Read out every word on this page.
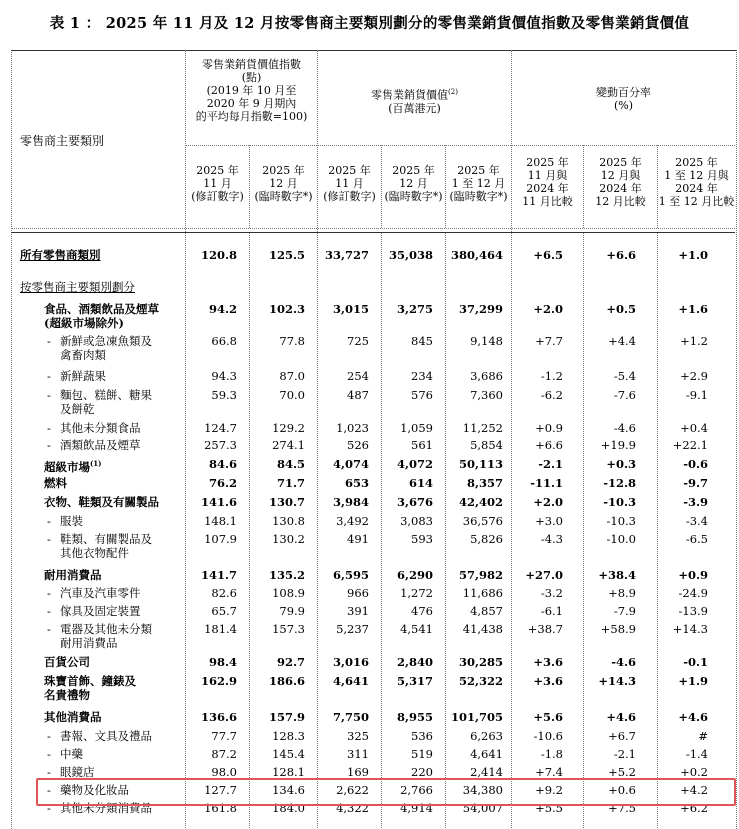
表 1 ： 2025 年 11 月及 12 月按零售商主要類別劃分的零售業銷貨價值指數及零售業銷貨價值
零售商主要類別
零售業銷貨價值指數
(點)
(2019 年 10 月至
2020 年 9 月期內
的平均每月指數=100)
零售業銷貨價值$^{(2)}$
(百萬港元)
變動百分率
(%)
2025 年
11 月
(修訂數字)
2025 年
12 月
(臨時數字*)
2025 年
11 月
(修訂數字)
2025 年
12 月
(臨時數字*)
2025 年
1 至 12 月
(臨時數字*)
2025 年
11 月與
2024 年
11 月比較
2025 年
12 月與
2024 年
12 月比較
2025 年
1 至 12 月與
2024 年
1 至 12 月比較
所有零售商類別	120.8	125.5	33,727	35,038	380,464	+6.5	+6.6	+1.0
按零售商主要類別劃分
食品、酒類飲品及煙草
(超級市場除外)
94.2	102.3	3,015	3,275	37,299	+2.0	+0.5	+1.6
新鮮或急凍魚類及
禽畜肉類
-	66.8	77.8	725	845	9,148	+7.7	+4.4	+1.2
新鮮蔬果
-	94.3	87.0	254	234	3,686	-1.2	-5.4	+2.9
麵包、糕餅、糖果
及餅乾
-	59.3	70.0	487	576	7,360	-6.2	-7.6	-9.1
其他未分類食品
-	124.7	129.2	1,023	1,059	11,252	+0.9	-4.6	+0.4
酒類飲品及煙草
-	257.3	274.1	526	561	5,854	+6.6	+19.9	+22.1
超級市場$^{(1)}$	84.6	84.5	4,074	4,072	50,113	-2.1	+0.3	-0.6
燃料	76.2	71.7	653	614	8,357	-11.1	-12.8	-9.7
衣物、鞋類及有關製品	141.6	130.7	3,984	3,676	42,402	+2.0	-10.3	-3.9
服裝
-	148.1	130.8	3,492	3,083	36,576	+3.0	-10.3	-3.4
鞋類、有關製品及
其他衣物配件
-	107.9	130.2	491	593	5,826	-4.3	-10.0	-6.5
耐用消費品	141.7	135.2	6,595	6,290	57,982	+27.0	+38.4	+0.9
汽車及汽車零件
-	82.6	108.9	966	1,272	11,686	-3.2	+8.9	-24.9
傢具及固定裝置
-	65.7	79.9	391	476	4,857	-6.1	-7.9	-13.9
電器及其他未分類
耐用消費品
-	181.4	157.3	5,237	4,541	41,438	+38.7	+58.9	+14.3
百貨公司	98.4	92.7	3,016	2,840	30,285	+3.6	-4.6	-0.1
珠寶首飾、鐘錶及
名貴禮物
162.9	186.6	4,641	5,317	52,322	+3.6	+14.3	+1.9
其他消費品	136.6	157.9	7,750	8,955	101,705	+5.6	+4.6	+4.6
書報、文具及禮品
-	77.7	128.3	325	536	6,263	-10.6	+6.7	#
中藥
-	87.2	145.4	311	519	4,641	-1.8	-2.1	-1.4
眼鏡店
-	98.0	128.1	169	220	2,414	+7.4	+5.2	+0.2
藥物及化妝品
-	127.7	134.6	2,622	2,766	34,380	+9.2	+0.6	+4.2
其他未分類消費品
-	161.8	184.0	4,322	4,914	54,007	+5.5	+7.5	+6.2
